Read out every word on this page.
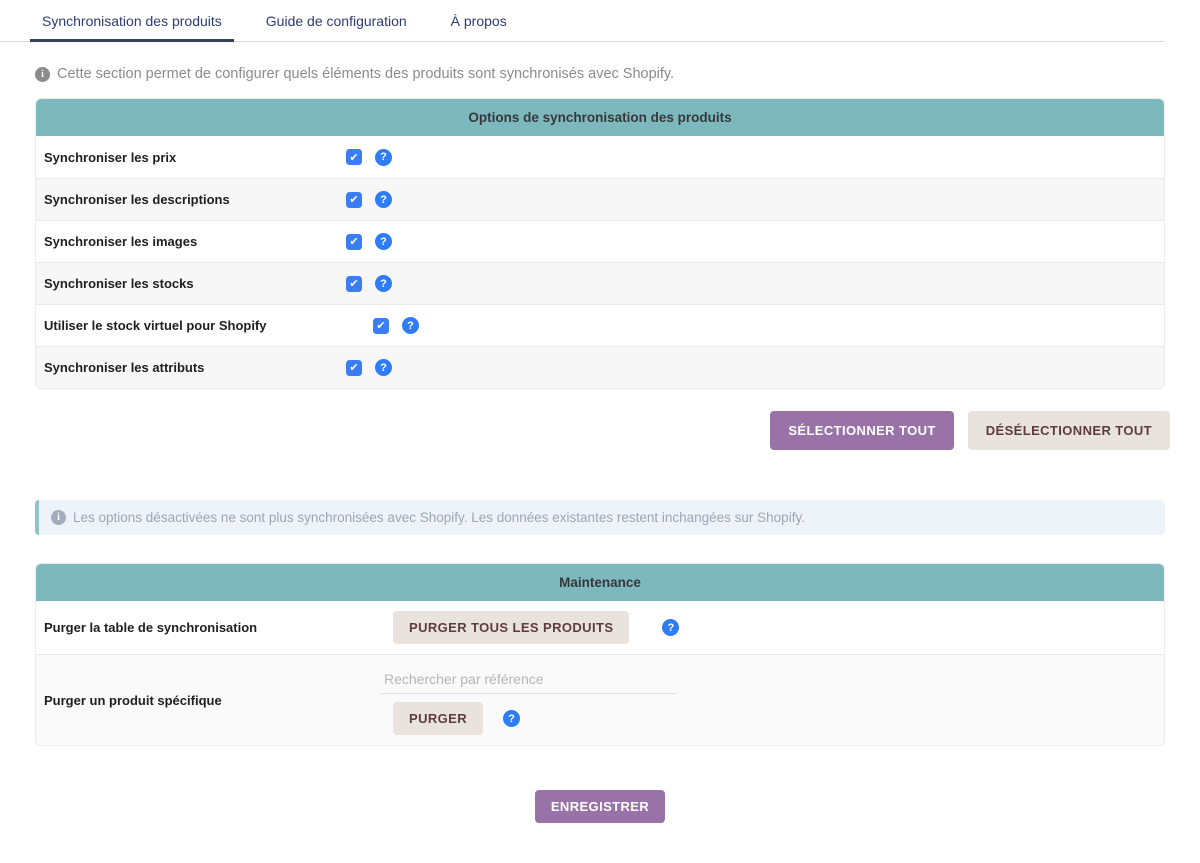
Synchronisation des produits	Guide de configuration	À propos
i
Cette section permet de configurer quels éléments des produits sont synchronisés avec Shopify.
Options de synchronisation des produits
Synchroniser les prix
✔
?
Synchroniser les descriptions
✔
?
Synchroniser les images
✔
?
Synchroniser les stocks
✔
?
Utiliser le stock virtuel pour Shopify
✔
?
Synchroniser les attributs
✔
?
SÉLECTIONNER TOUT	DÉSÉLECTIONNER TOUT
i
Les options désactivées ne sont plus synchronisées avec Shopify. Les données existantes restent inchangées sur Shopify.
Maintenance
Purger la table de synchronisation	PURGER TOUS LES PRODUITS
?
Purger un produit spécifique
Rechercher par référence
PURGER
?
ENREGISTRER
